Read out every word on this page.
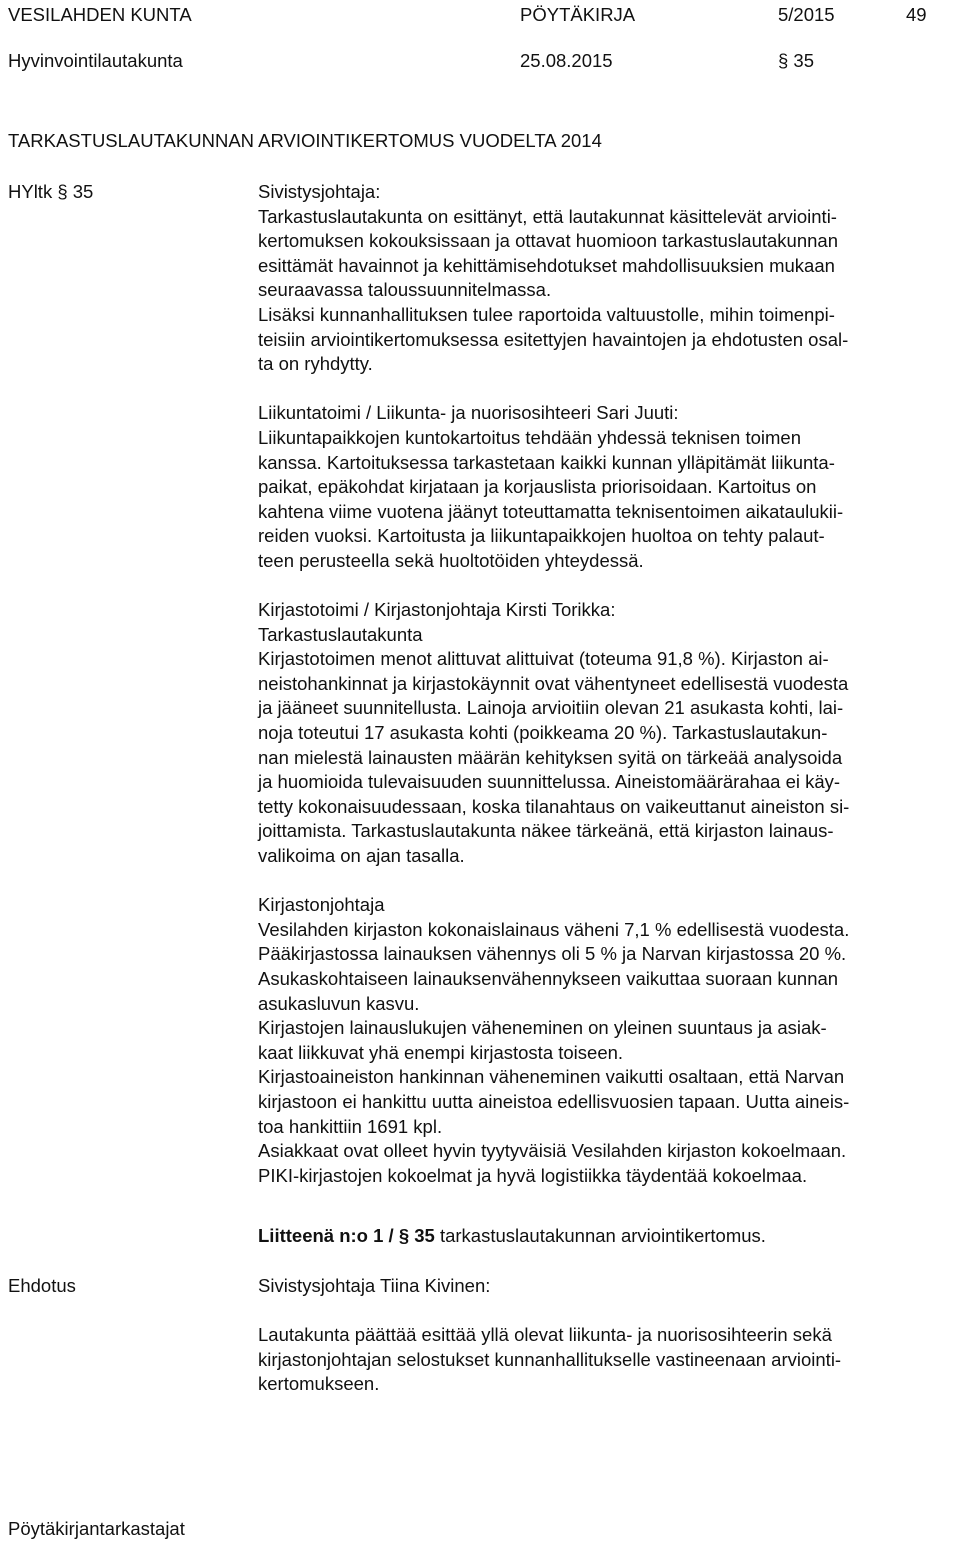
VESILAHDEN KUNTA	PÖYTÄKIRJA	5/2015	49
Hyvinvointilautakunta	25.08.2015	§ 35
TARKASTUSLAUTAKUNNAN ARVIOINTIKERTOMUS VUODELTA 2014
HYltk § 35	Sivistysjohtaja:
Tarkastuslautakunta on esittänyt, että lautakunnat käsittelevät arviointi-
kertomuksen kokouksissaan ja ottavat huomioon tarkastuslautakunnan
esittämät havainnot ja kehittämisehdotukset mahdollisuuksien mukaan
seuraavassa taloussuunnitelmassa.
Lisäksi kunnanhallituksen tulee raportoida valtuustolle, mihin toimenpi-
teisiin arviointikertomuksessa esitettyjen havaintojen ja ehdotusten osal-
ta on ryhdytty.
Liikuntatoimi / Liikunta- ja nuorisosihteeri Sari Juuti:
Liikuntapaikkojen kuntokartoitus tehdään yhdessä teknisen toimen
kanssa. Kartoituksessa tarkastetaan kaikki kunnan ylläpitämät liikunta-
paikat, epäkohdat kirjataan ja korjauslista priorisoidaan. Kartoitus on
kahtena viime vuotena jäänyt toteuttamatta teknisentoimen aikataulukii-
reiden vuoksi. Kartoitusta ja liikuntapaikkojen huoltoa on tehty palaut-
teen perusteella sekä huoltotöiden yhteydessä.
Kirjastotoimi / Kirjastonjohtaja Kirsti Torikka:
Tarkastuslautakunta
Kirjastotoimen menot alittuvat alittuivat (toteuma 91,8 %). Kirjaston ai-
neistohankinnat ja kirjastokäynnit ovat vähentyneet edellisestä vuodesta
ja jääneet suunnitellusta. Lainoja arvioitiin olevan 21 asukasta kohti, lai-
noja toteutui 17 asukasta kohti (poikkeama 20 %). Tarkastuslautakun-
nan mielestä lainausten määrän kehityksen syitä on tärkeää analysoida
ja huomioida tulevaisuuden suunnittelussa. Aineistomäärärahaa ei käy-
tetty kokonaisuudessaan, koska tilanahtaus on vaikeuttanut aineiston si-
joittamista. Tarkastuslautakunta näkee tärkeänä, että kirjaston lainaus-
valikoima on ajan tasalla.
Kirjastonjohtaja
Vesilahden kirjaston kokonaislainaus väheni 7,1 % edellisestä vuodesta.
Pääkirjastossa lainauksen vähennys oli 5 % ja Narvan kirjastossa 20 %.
Asukaskohtaiseen lainauksenvähennykseen vaikuttaa suoraan kunnan
asukasluvun kasvu.
Kirjastojen lainauslukujen väheneminen on yleinen suuntaus ja asiak-
kaat liikkuvat yhä enempi kirjastosta toiseen.
Kirjastoaineiston hankinnan väheneminen vaikutti osaltaan, että Narvan
kirjastoon ei hankittu uutta aineistoa edellisvuosien tapaan. Uutta aineis-
toa hankittiin 1691 kpl.
Asiakkaat ovat olleet hyvin tyytyväisiä Vesilahden kirjaston kokoelmaan.
PIKI-kirjastojen kokoelmat ja hyvä logistiikka täydentää kokoelmaa.
Liitteenä n:o 1 / § 35 tarkastuslautakunnan arviointikertomus.
Ehdotus	Sivistysjohtaja Tiina Kivinen:
Lautakunta päättää esittää yllä olevat liikunta- ja nuorisosihteerin sekä
kirjastonjohtajan selostukset kunnanhallitukselle vastineenaan arviointi-
kertomukseen.
Pöytäkirjantarkastajat
